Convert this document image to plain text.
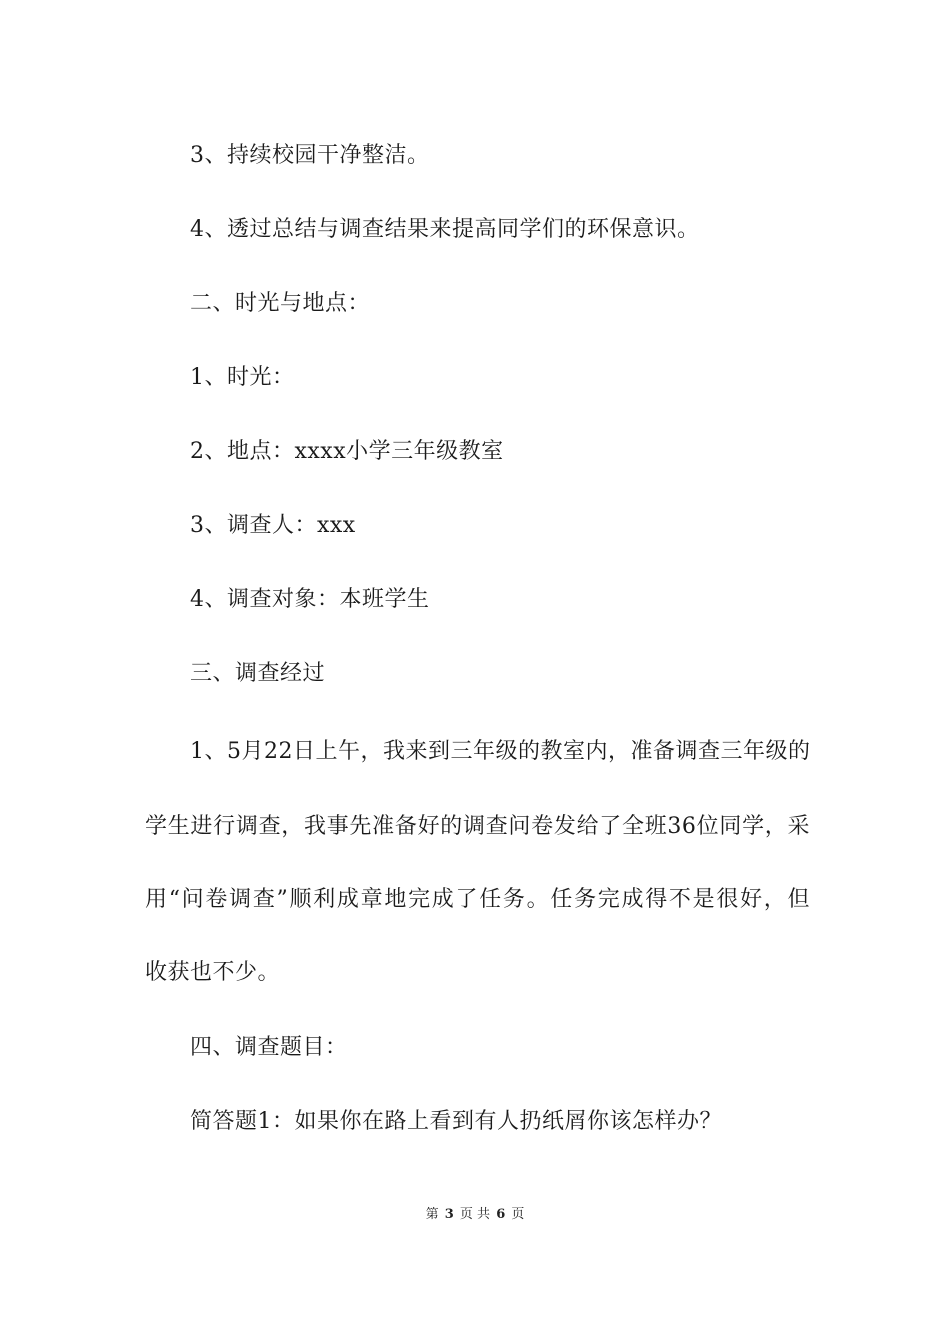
3、持续校园干净整洁。
4、透过总结与调查结果来提高同学们的环保意识。
二、时光与地点：
1、时光：
2、地点：xxxx小学三年级教室
3、调查人：xxx
4、调查对象：本班学生
三、调查经过
1、5月22日上午，我来到三年级的教室内，准备调查三年级的
学生进行调查，我事先准备好的调查问卷发给了全班36位同学，采
用“问卷调查”顺利成章地完成了任务。任务完成得不是很好，但
收获也不少。
四、调查题目：
简答题1：如果你在路上看到有人扔纸屑你该怎样办？
第 3 页 共 6 页
